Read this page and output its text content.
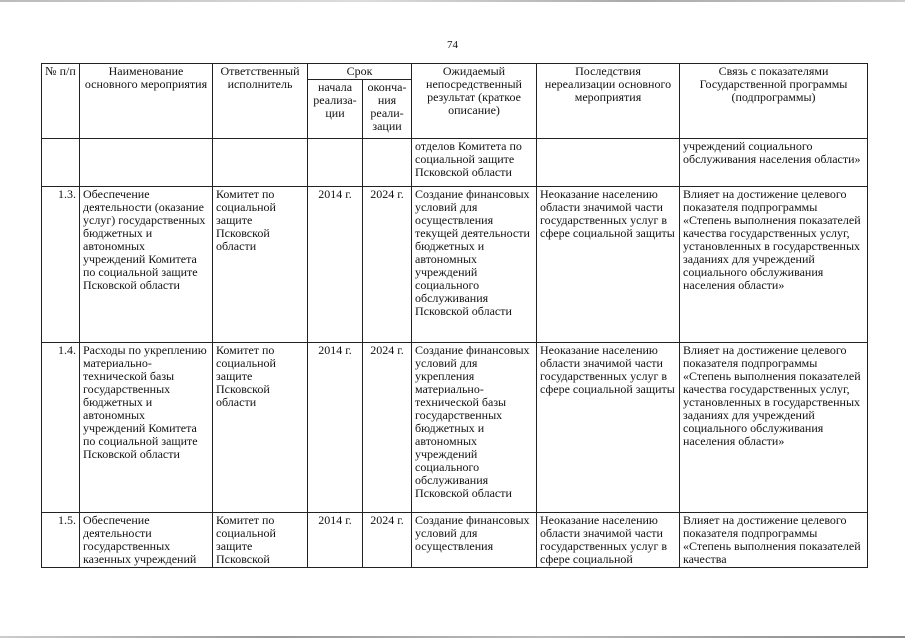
74
№ п/п	Наименование основного мероприятия	Ответственный исполнитель	Срок		Ожидаемый непосредственный результат (краткое описание)	Последствия нереализации основного мероприятия	Связь с показателями Государственной программы (подпрограммы)
			начала реализа-ции	оконча-ния реали-зации			
					отделов Комитета по социальной защите Псковской области		учреждений социального обслуживания населения области»
1.3.	Обеспечение деятельности (оказание услуг) государственных бюджетных и автономных учреждений Комитета по социальной защите Псковской области	Комитет по социальной защите Псковской области	2014 г.	2024 г.	Создание финансовых условий для осуществления текущей деятельности бюджетных и автономных учреждений социального обслуживания Псковской области	Неоказание населению области значимой части государственных услуг в сфере социальной защиты	Влияет на достижение целевого показателя подпрограммы «Степень выполнения показателей качества государственных услуг, установленных в государственных заданиях для учреждений социального обслуживания населения области»
1.4.	Расходы по укреплению материально-технической базы государственных бюджетных и автономных учреждений Комитета по социальной защите Псковской области	Комитет по социальной защите Псковской области	2014 г.	2024 г.	Создание финансовых условий для укрепления материально-технической базы государственных бюджетных и автономных учреждений социального обслуживания Псковской области	Неоказание населению области значимой части государственных услуг в сфере социальной защиты	Влияет на достижение целевого показателя подпрограммы «Степень выполнения показателей качества государственных услуг, установленных в государственных заданиях для учреждений социального обслуживания населения области»
1.5.	Обеспечение деятельности государственных казенных учреждений	Комитет по социальной защите Псковской	2014 г.	2024 г.	Создание финансовых условий для осуществления	Неоказание населению области значимой части государственных услуг в сфере социальной	Влияет на достижение целевого показателя подпрограммы «Степень выполнения показателей качества
